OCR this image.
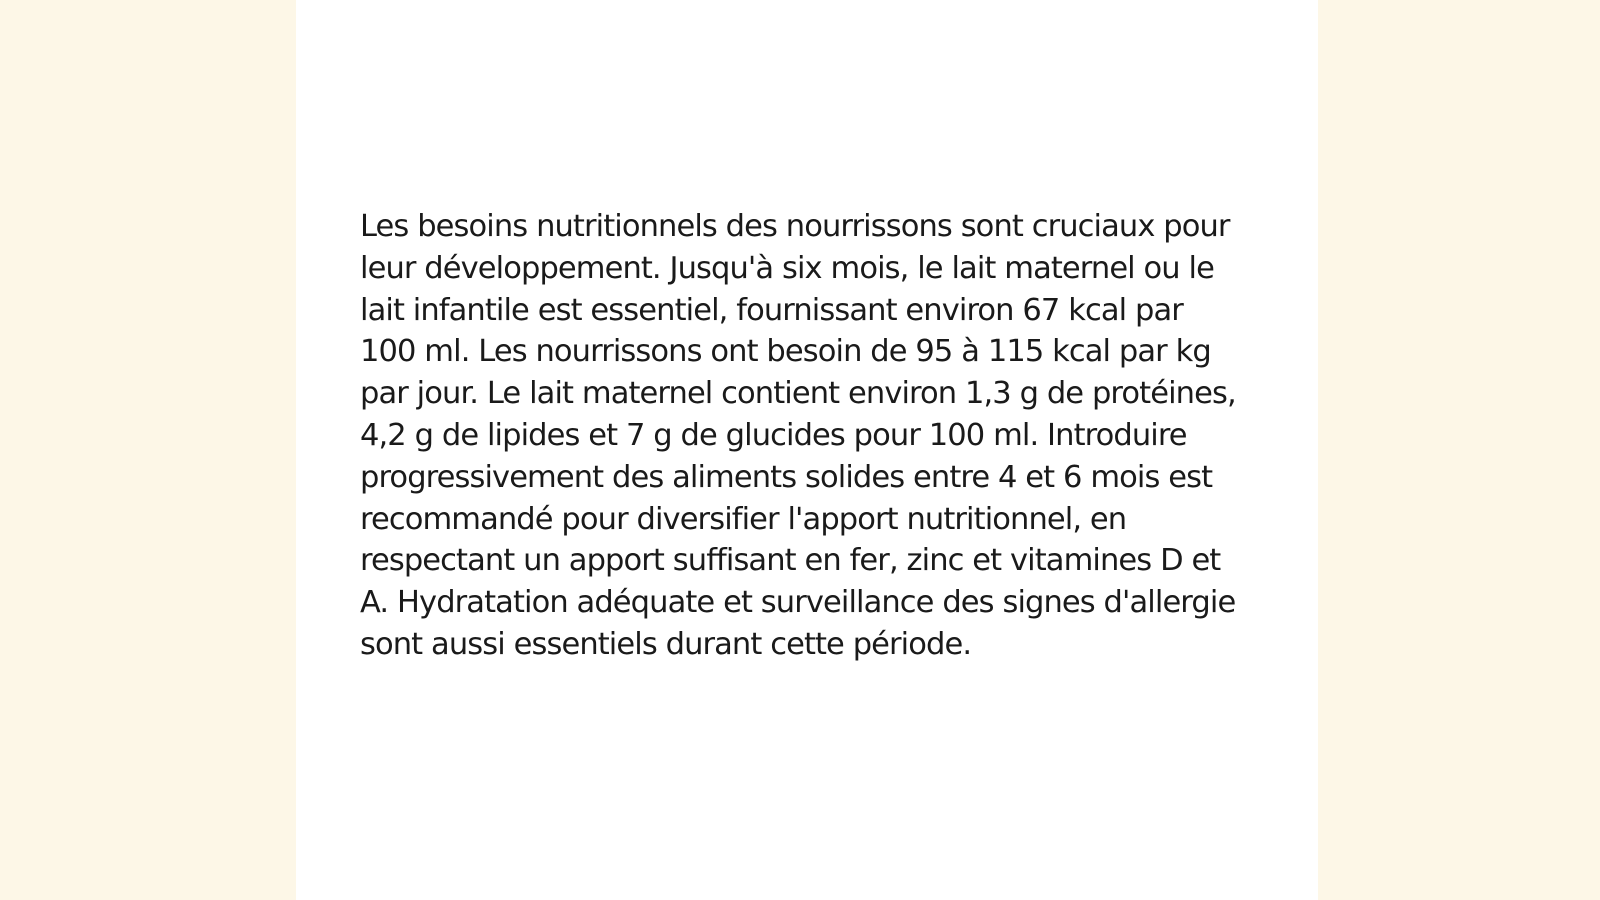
Les besoins nutritionnels des nourrissons sont cruciaux pour leur développement. Jusqu'à six mois, le lait maternel ou le lait infantile est essentiel, fournissant environ 67 kcal par 100 ml. Les nourrissons ont besoin de 95 à 115 kcal par kg par jour. Le lait maternel contient environ 1,3 g de protéines, 4,2 g de lipides et 7 g de glucides pour 100 ml. Introduire progressivement des aliments solides entre 4 et 6 mois est recommandé pour diversifier l'apport nutritionnel, en respectant un apport suffisant en fer, zinc et vitamines D et A. Hydratation adéquate et surveillance des signes d'allergie sont aussi essentiels durant cette période.
